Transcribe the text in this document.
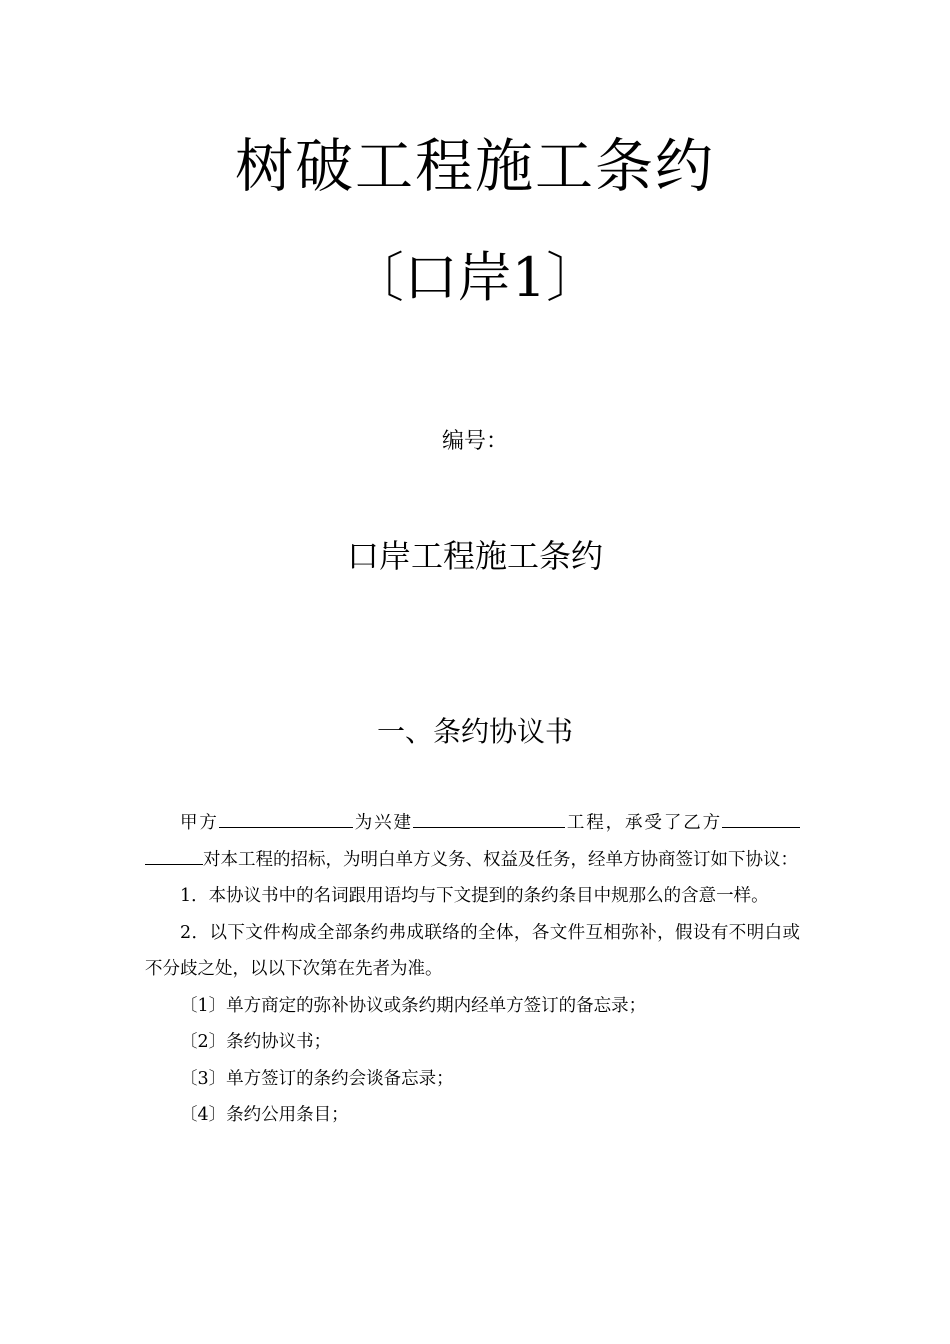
树破工程施工条约
〔口岸1〕
编号：
口岸工程施工条约
一、条约协议书

甲方	为兴建	工程，承受了乙方对本工程的招标，为明白单方义务、权益及任务，经单方协商签订如下协议：

1．本协议书中的名词跟用语均与下文提到的条约条目中规那么的含意一样。

2．以下文件构成全部条约弗成联络的全体，各文件互相弥补，假设有不明白或不分歧之处，以以下次第在先者为准。

〔1〕单方商定的弥补协议或条约期内经单方签订的备忘录；

〔2〕条约协议书；

〔3〕单方签订的条约会谈备忘录；

〔4〕条约公用条目；
